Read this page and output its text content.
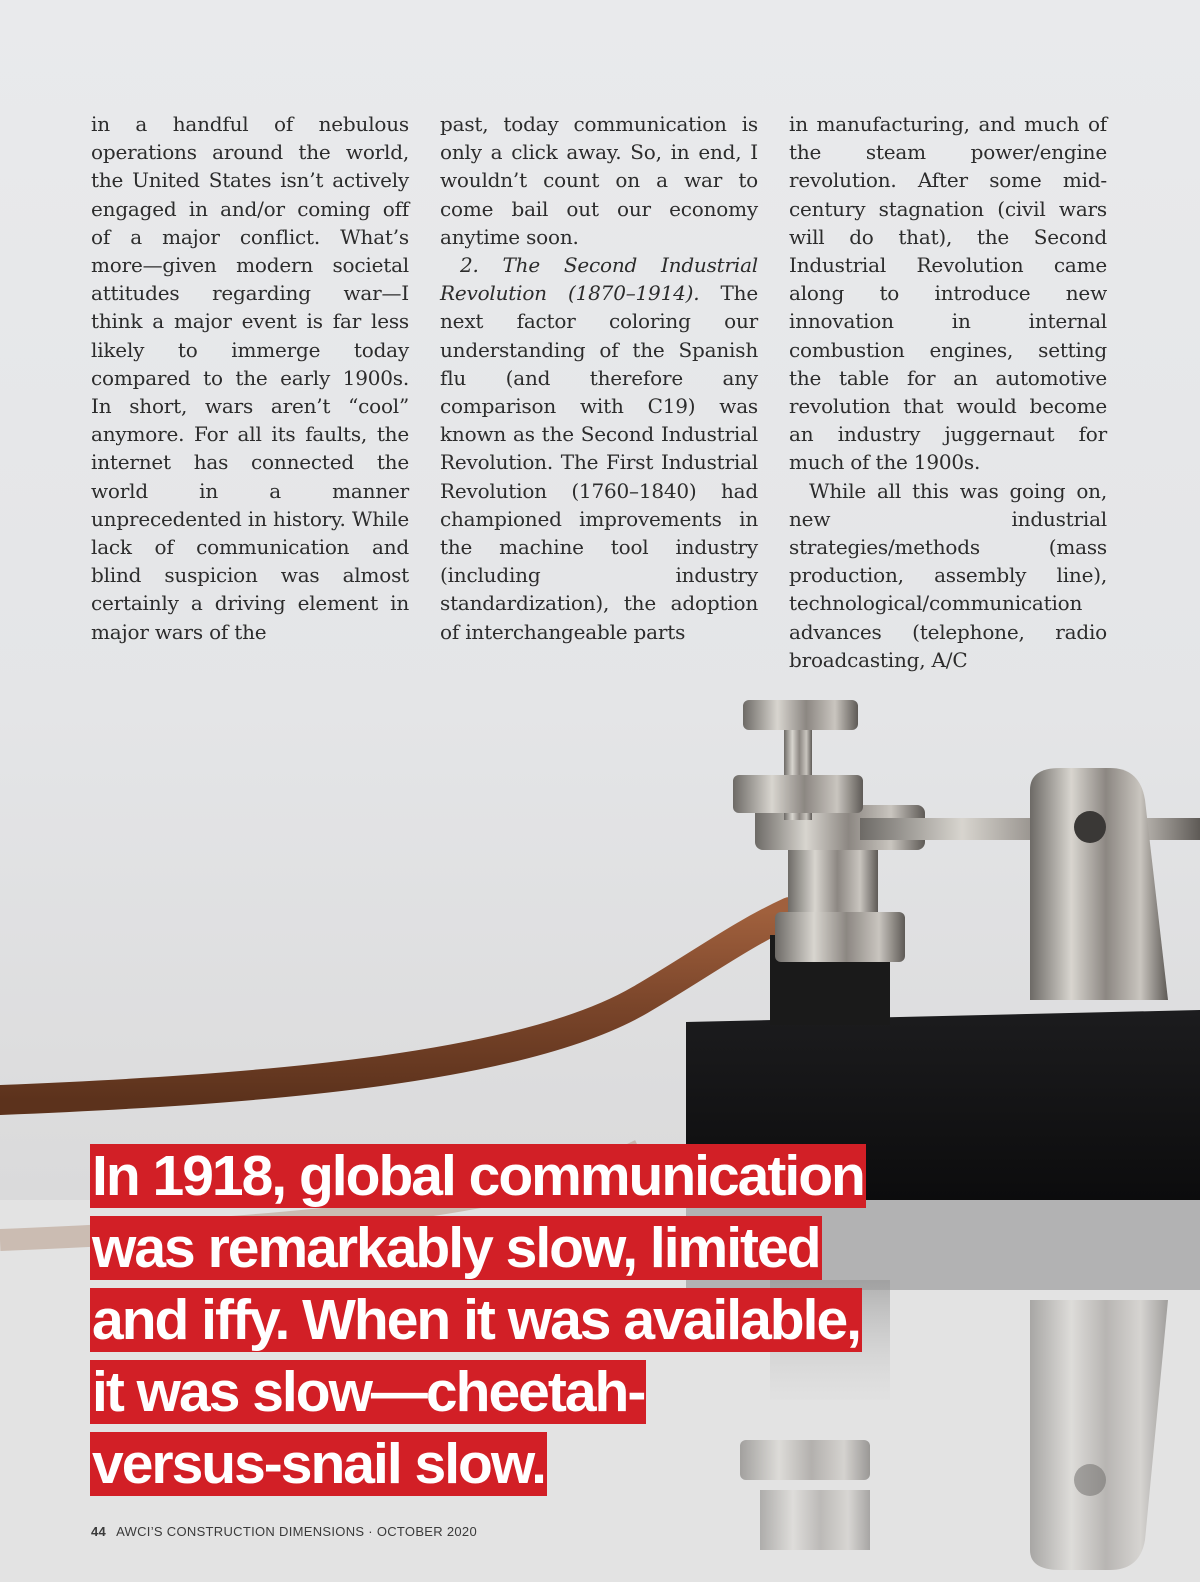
in a handful of nebulous operations around the world, the United States isn’t actively engaged in and/or coming off of a major conflict. What’s more—given modern societal attitudes regarding war—I think a major event is far less likely to immerge today compared to the early 1900s. In short, wars aren’t “cool” anymore. For all its faults, the internet has connected the world in a manner unprecedented in history. While lack of communication and blind suspicion was almost certainly a driving element in major wars of the

past, today communication is only a click away. So, in end, I wouldn’t count on a war to come bail out our economy anytime soon.

2. The Second Industrial Revolution (1870–1914). The next factor coloring our understanding of the Spanish flu (and therefore any comparison with C19) was known as the Second Industrial Revolution. The First Industrial Revolution (1760–1840) had championed improvements in the machine tool industry (including industry standardization), the adoption of interchangeable parts

in manufacturing, and much of the steam power/engine revolution. After some mid-century stagnation (civil wars will do that), the Second Industrial Revolution came along to introduce new innovation in internal combustion engines, setting the table for an automotive revolution that would become an industry juggernaut for much of the 1900s.

While all this was going on, new industrial strategies/methods (mass production, assembly line), technological/communication advances (telephone, radio broadcasting, A/C

In 1918, global communication
was remarkably slow, limited
and iffy. When it was available,
it was slow—cheetah-
versus-snail slow.
44 AWCI’S CONSTRUCTION DIMENSIONS · OCTOBER 2020
